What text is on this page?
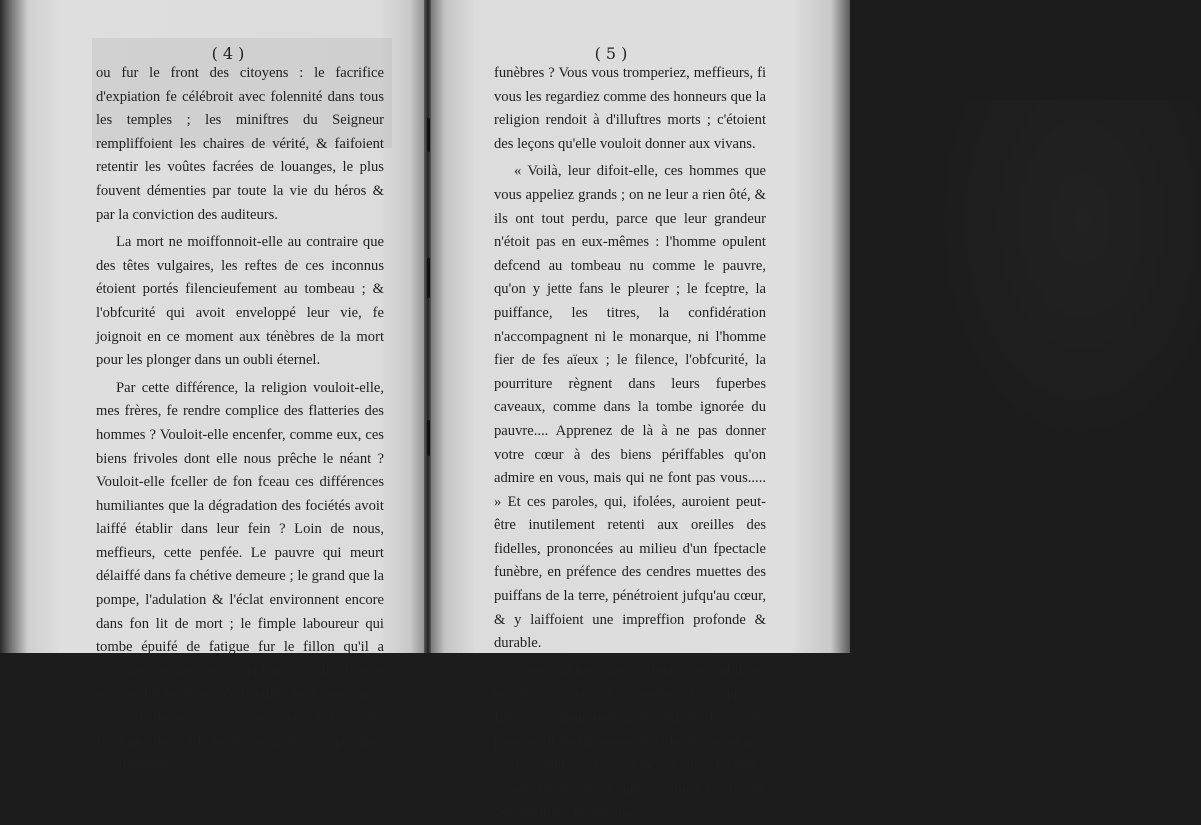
( 4 )

ou fur le front des citoyens : le facrifice d'expiation fe célébroit avec folennité dans tous les temples ; les miniftres du Seigneur rempliffoient les chaires de vérité, & faifoient retentir les voûtes facrées de louanges, le plus fouvent démenties par toute la vie du héros & par la conviction des auditeurs.

La mort ne moiffonnoit-elle au contraire que des têtes vulgaires, les reftes de ces inconnus étoient portés filencieufement au tombeau ; & l'obfcurité qui avoit enveloppé leur vie, fe joignoit en ce moment aux ténèbres de la mort pour les plonger dans un oubli éternel.

Par cette différence, la religion vouloit-elle, mes frères, fe rendre complice des flatteries des hommes ? Vouloit-elle encenfer, comme eux, ces biens frivoles dont elle nous prêche le néant ? Vouloit-elle fceller de fon fceau ces différences humiliantes que la dégradation des fociétés avoit laiffé établir dans leur fein ? Loin de nous, meffieurs, cette penfée. Le pauvre qui meurt délaiffé dans fa chétive demeure ; le grand que la pompe, l'adulation & l'éclat environnent encore dans fon lit de mort ; le fimple laboureur qui tombe épuifé de fatigue fur le fillon qu'il a fécondé ; le guerrier que la foudre qu'il a bravée terraffe fur le champ de bataille, font tous égaux aux yeux de la foi comme aux yeux de la raifon. Pourquoi donc à la mort des grands ces pompes, ces folennités

( 5 )

funèbres ? Vous vous tromperiez, meffieurs, fi vous les regardiez comme des honneurs que la religion rendoit à d'illuftres morts ; c'étoient des leçons qu'elle vouloit donner aux vivans.

« Voilà, leur difoit-elle, ces hommes que vous appeliez grands ; on ne leur a rien ôté, & ils ont tout perdu, parce que leur grandeur n'étoit pas en eux-mêmes : l'homme opulent defcend au tombeau nu comme le pauvre, qu'on y jette fans le pleurer ; le fceptre, la puiffance, les titres, la confidération n'accompagnent ni le monarque, ni l'homme fier de fes aïeux ; le filence, l'obfcurité, la pourriture règnent dans leurs fuperbes caveaux, comme dans la tombe ignorée du pauvre.... Apprenez de là à ne pas donner votre cœur à des biens périffables qu'on admire en vous, mais qui ne font pas vous..... » Et ces paroles, qui, ifolées, auroient peut-être inutilement retenti aux oreilles des fidelles, prononcées au milieu d'un fpectacle funèbre, en préfence des cendres muettes des puiffans de la terre, pénétroient jufqu'au cœur, & y laiffoient une impreffion profonde & durable.

Quelqu'utiles que fuffent ces fublimes leçons, on pouvoit cependant les fuppléer. L'homme, pour peu qu'il confulte fa raifon, peut fentir de lui-même le vide des avantages qu'on appelle de la naiffance & de la fortune ; il peut fentir que ce que le hafard, la volonté des hommes, un préjugé
